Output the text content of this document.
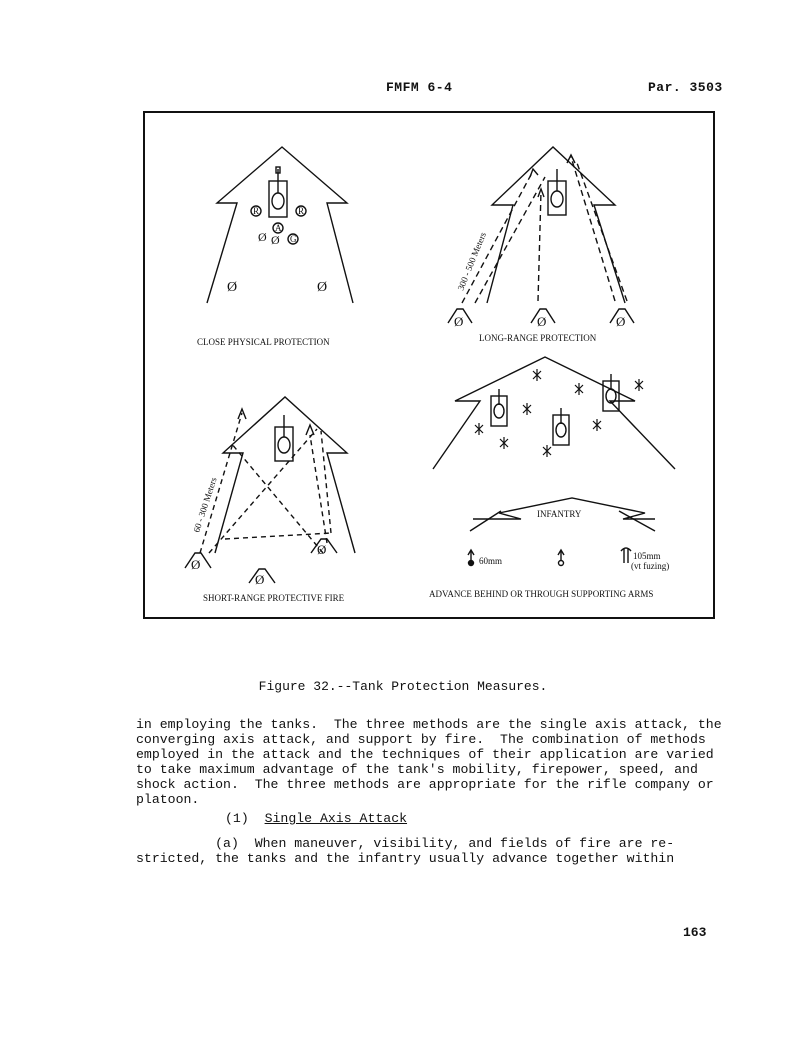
FMFM 6-4	Par. 3503
R	R
A
G
Ø Ø
Ø	Ø
Ø	Ø	Ø
300 - 500 Meters
Ø
Ø
Ø
60 - 300 Meters	INFANTRY
60mm	105mm
(vt fuzing)
CLOSE PHYSICAL PROTECTION	LONG-RANGE PROTECTION
SHORT-RANGE PROTECTIVE FIRE	ADVANCE BEHIND OR THROUGH SUPPORTING ARMS
Figure 32.--Tank Protection Measures.
in employing the tanks.  The three methods are the single axis attack, the
converging axis attack, and support by fire.  The combination of methods
employed in the attack and the techniques of their application are varied
to take maximum advantage of the tank's mobility, firepower, speed, and
shock action.  The three methods are appropriate for the rifle company or
platoon.
(1) Single Axis Attack
(a)  When maneuver, visibility, and fields of fire are re-
stricted, the tanks and the infantry usually advance together within
163
